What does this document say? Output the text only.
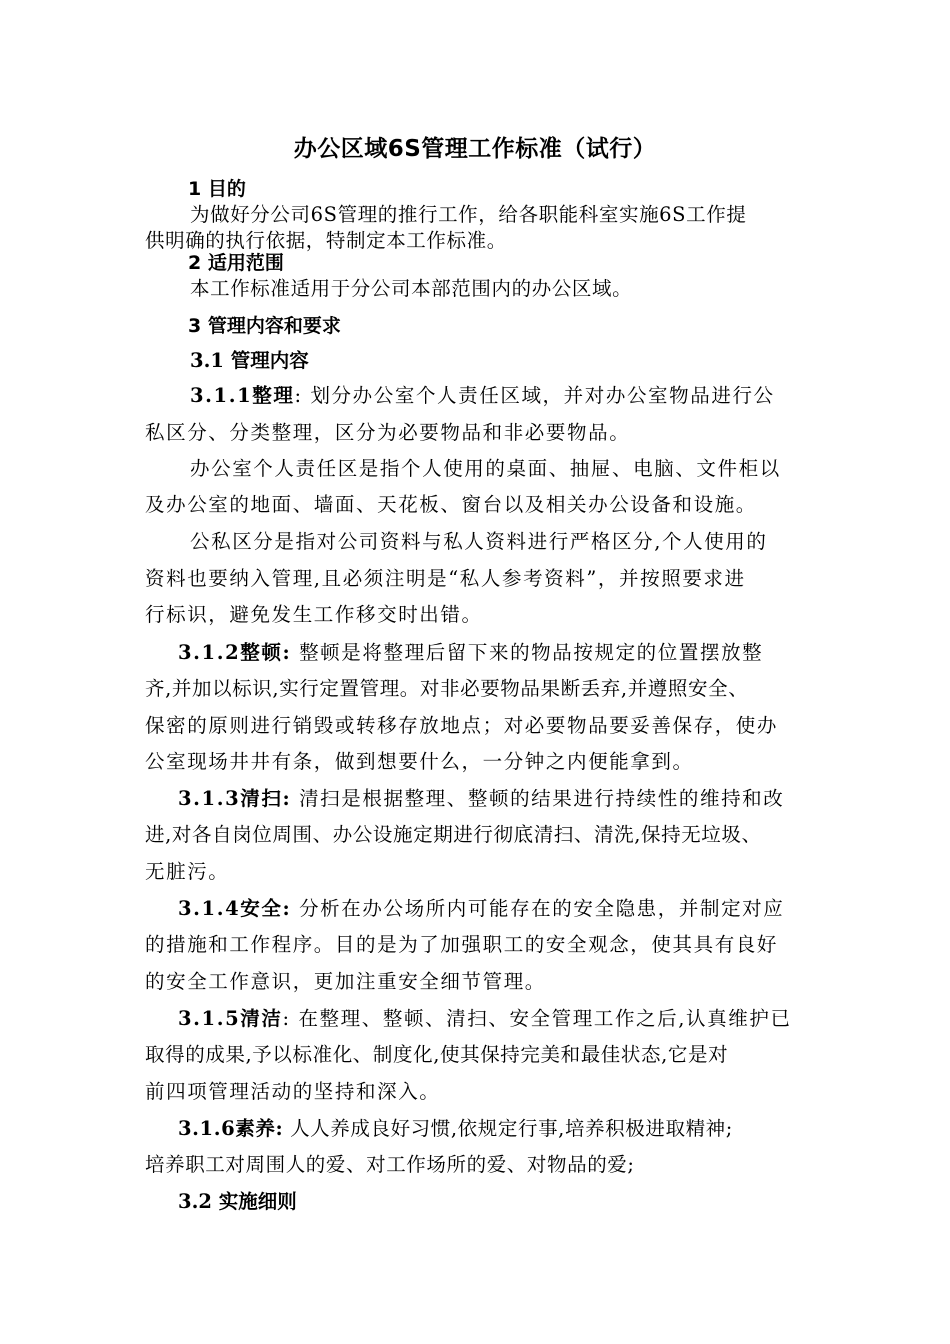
办公区域6S管理工作标准（试行）
1 目的
为做好分公司6S管理的推行工作，给各职能科室实施6S工作提
供明确的执行依据，特制定本工作标准。
2 适用范围
本工作标准适用于分公司本部范围内的办公区域。
3 管理内容和要求
3.1 管理内容
3.1.1整理: 划分办公室个人责任区域，并对办公室物品进行公
私区分、分类整理，区分为必要物品和非必要物品。
办公室个人责任区是指个人使用的桌面、抽屉、电脑、文件柜以
及办公室的地面、墙面、天花板、窗台以及相关办公设备和设施。
公私区分是指对公司资料与私人资料进行严格区分,个人使用的
资料也要纳入管理,且必须注明是“私人参考资料”，并按照要求进
行标识，避免发生工作移交时出错。
3.1.2整顿: 整顿是将整理后留下来的物品按规定的位置摆放整
齐,并加以标识,实行定置管理。对非必要物品果断丢弃,并遵照安全、
保密的原则进行销毁或转移存放地点；对必要物品要妥善保存，使办
公室现场井井有条，做到想要什么，一分钟之内便能拿到。
3.1.3清扫: 清扫是根据整理、整顿的结果进行持续性的维持和改
进,对各自岗位周围、办公设施定期进行彻底清扫、清洗,保持无垃圾、
无脏污。
3.1.4安全: 分析在办公场所内可能存在的安全隐患，并制定对应
的措施和工作程序。目的是为了加强职工的安全观念，使其具有良好
的安全工作意识，更加注重安全细节管理。
3.1.5清洁: 在整理、整顿、清扫、安全管理工作之后,认真维护已
取得的成果,予以标准化、制度化,使其保持完美和最佳状态,它是对
前四项管理活动的坚持和深入。
3.1.6素养: 人人养成良好习惯,依规定行事,培养积极进取精神;
培养职工对周围人的爱、对工作场所的爱、对物品的爱;
3.2 实施细则
